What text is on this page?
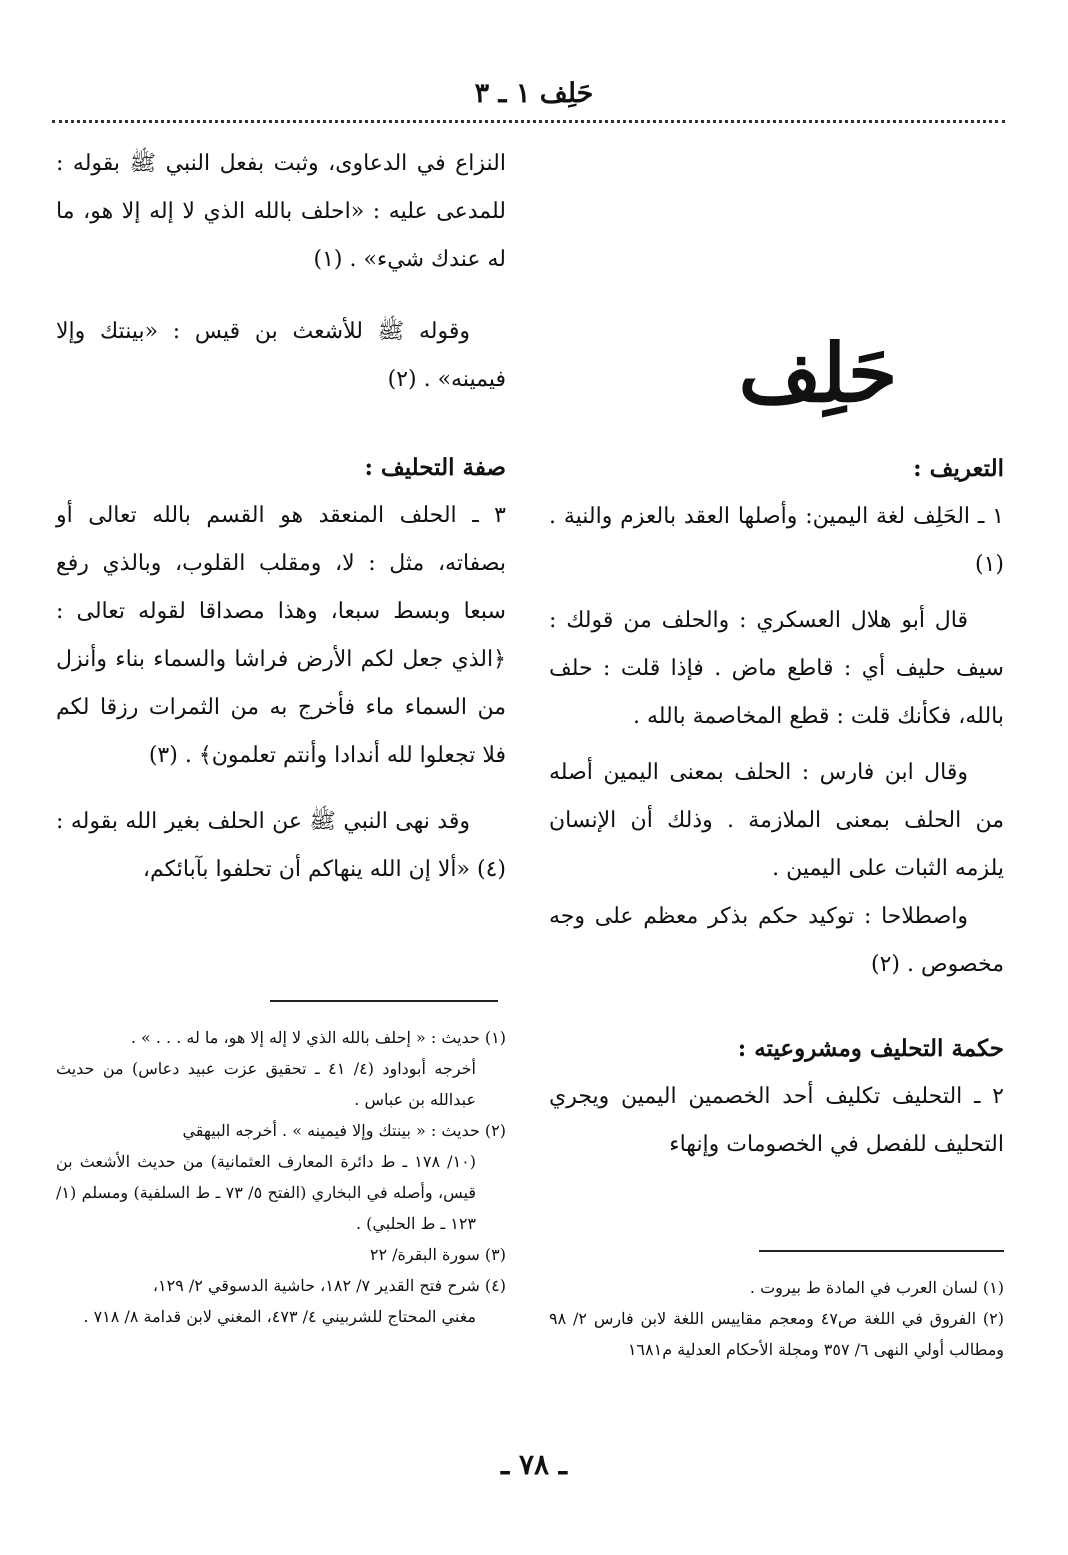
حَلِف ١ ـ ٣
حَلِف
التعريف :

١ ـ الحَلِف لغة اليمين: وأصلها العقد بالعزم والنية . (١)

قال أبو هلال العسكري : والحلف من قولك : سيف حليف أي : قاطع ماض . فإذا قلت : حلف بالله، فكأنك قلت : قطع المخاصمة بالله .

وقال ابن فارس : الحلف بمعنى اليمين أصله من الحلف بمعنى الملازمة . وذلك أن الإنسان يلزمه الثبات على اليمين .

واصطلاحا : توكيد حكم بذكر معظم على وجه مخصوص . (٢)

حكمة التحليف ومشروعيته :

٢ ـ التحليف تكليف أحد الخصمين اليمين ويجري التحليف للفصل في الخصومات وإنهاء

(١) لسان العرب في المادة ط بيروت .

(٢) الفروق في اللغة ص٤٧ ومعجم مقاييس اللغة لابن فارس ٢/ ٩٨ ومطالب أولي النهى ٦/ ٣٥٧ ومجلة الأحكام العدلية م١٦٨١

النزاع في الدعاوى، وثبت بفعل النبي ﷺ بقوله : للمدعى عليه : «احلف بالله الذي لا إله إلا هو، ما له عندك شيء» . (١)

وقوله ﷺ للأشعث بن قيس : «بينتك وإلا فيمينه» . (٢)

صفة التحليف :

٣ ـ الحلف المنعقد هو القسم بالله تعالى أو بصفاته، مثل : لا، ومقلب القلوب، وبالذي رفع سبعا وبسط سبعا، وهذا مصداقا لقوله تعالى : ﴿الذي جعل لكم الأرض فراشا والسماء بناء وأنزل من السماء ماء فأخرج به من الثمرات رزقا لكم فلا تجعلوا لله أندادا وأنتم تعلمون﴾ . (٣)

وقد نهى النبي ﷺ عن الحلف بغير الله بقوله : (٤) «ألا إن الله ينهاكم أن تحلفوا بآبائكم،

(١) حديث : « إحلف بالله الذي لا إله إلا هو، ما له . . . » .

أخرجه أبوداود (٤/ ٤١ ـ تحقيق عزت عبيد دعاس) من حديث عبدالله بن عباس .

(٢) حديث : « بينتك وإلا فيمينه » . أخرجه البيهقي

(١٠/ ١٧٨ ـ ط دائرة المعارف العثمانية) من حديث الأشعث بن قيس، وأصله في البخاري (الفتح ٥/ ٧٣ ـ ط السلفية) ومسلم (١/ ١٢٣ ـ ط الحلبي) .

(٣) سورة البقرة/ ٢٢

(٤) شرح فتح القدير ٧/ ١٨٢، حاشية الدسوقي ٢/ ١٢٩،

مغني المحتاج للشربيني ٤/ ٤٧٣، المغني لابن قدامة ٨/ ٧١٨ .

ـ ٧٨ ـ
